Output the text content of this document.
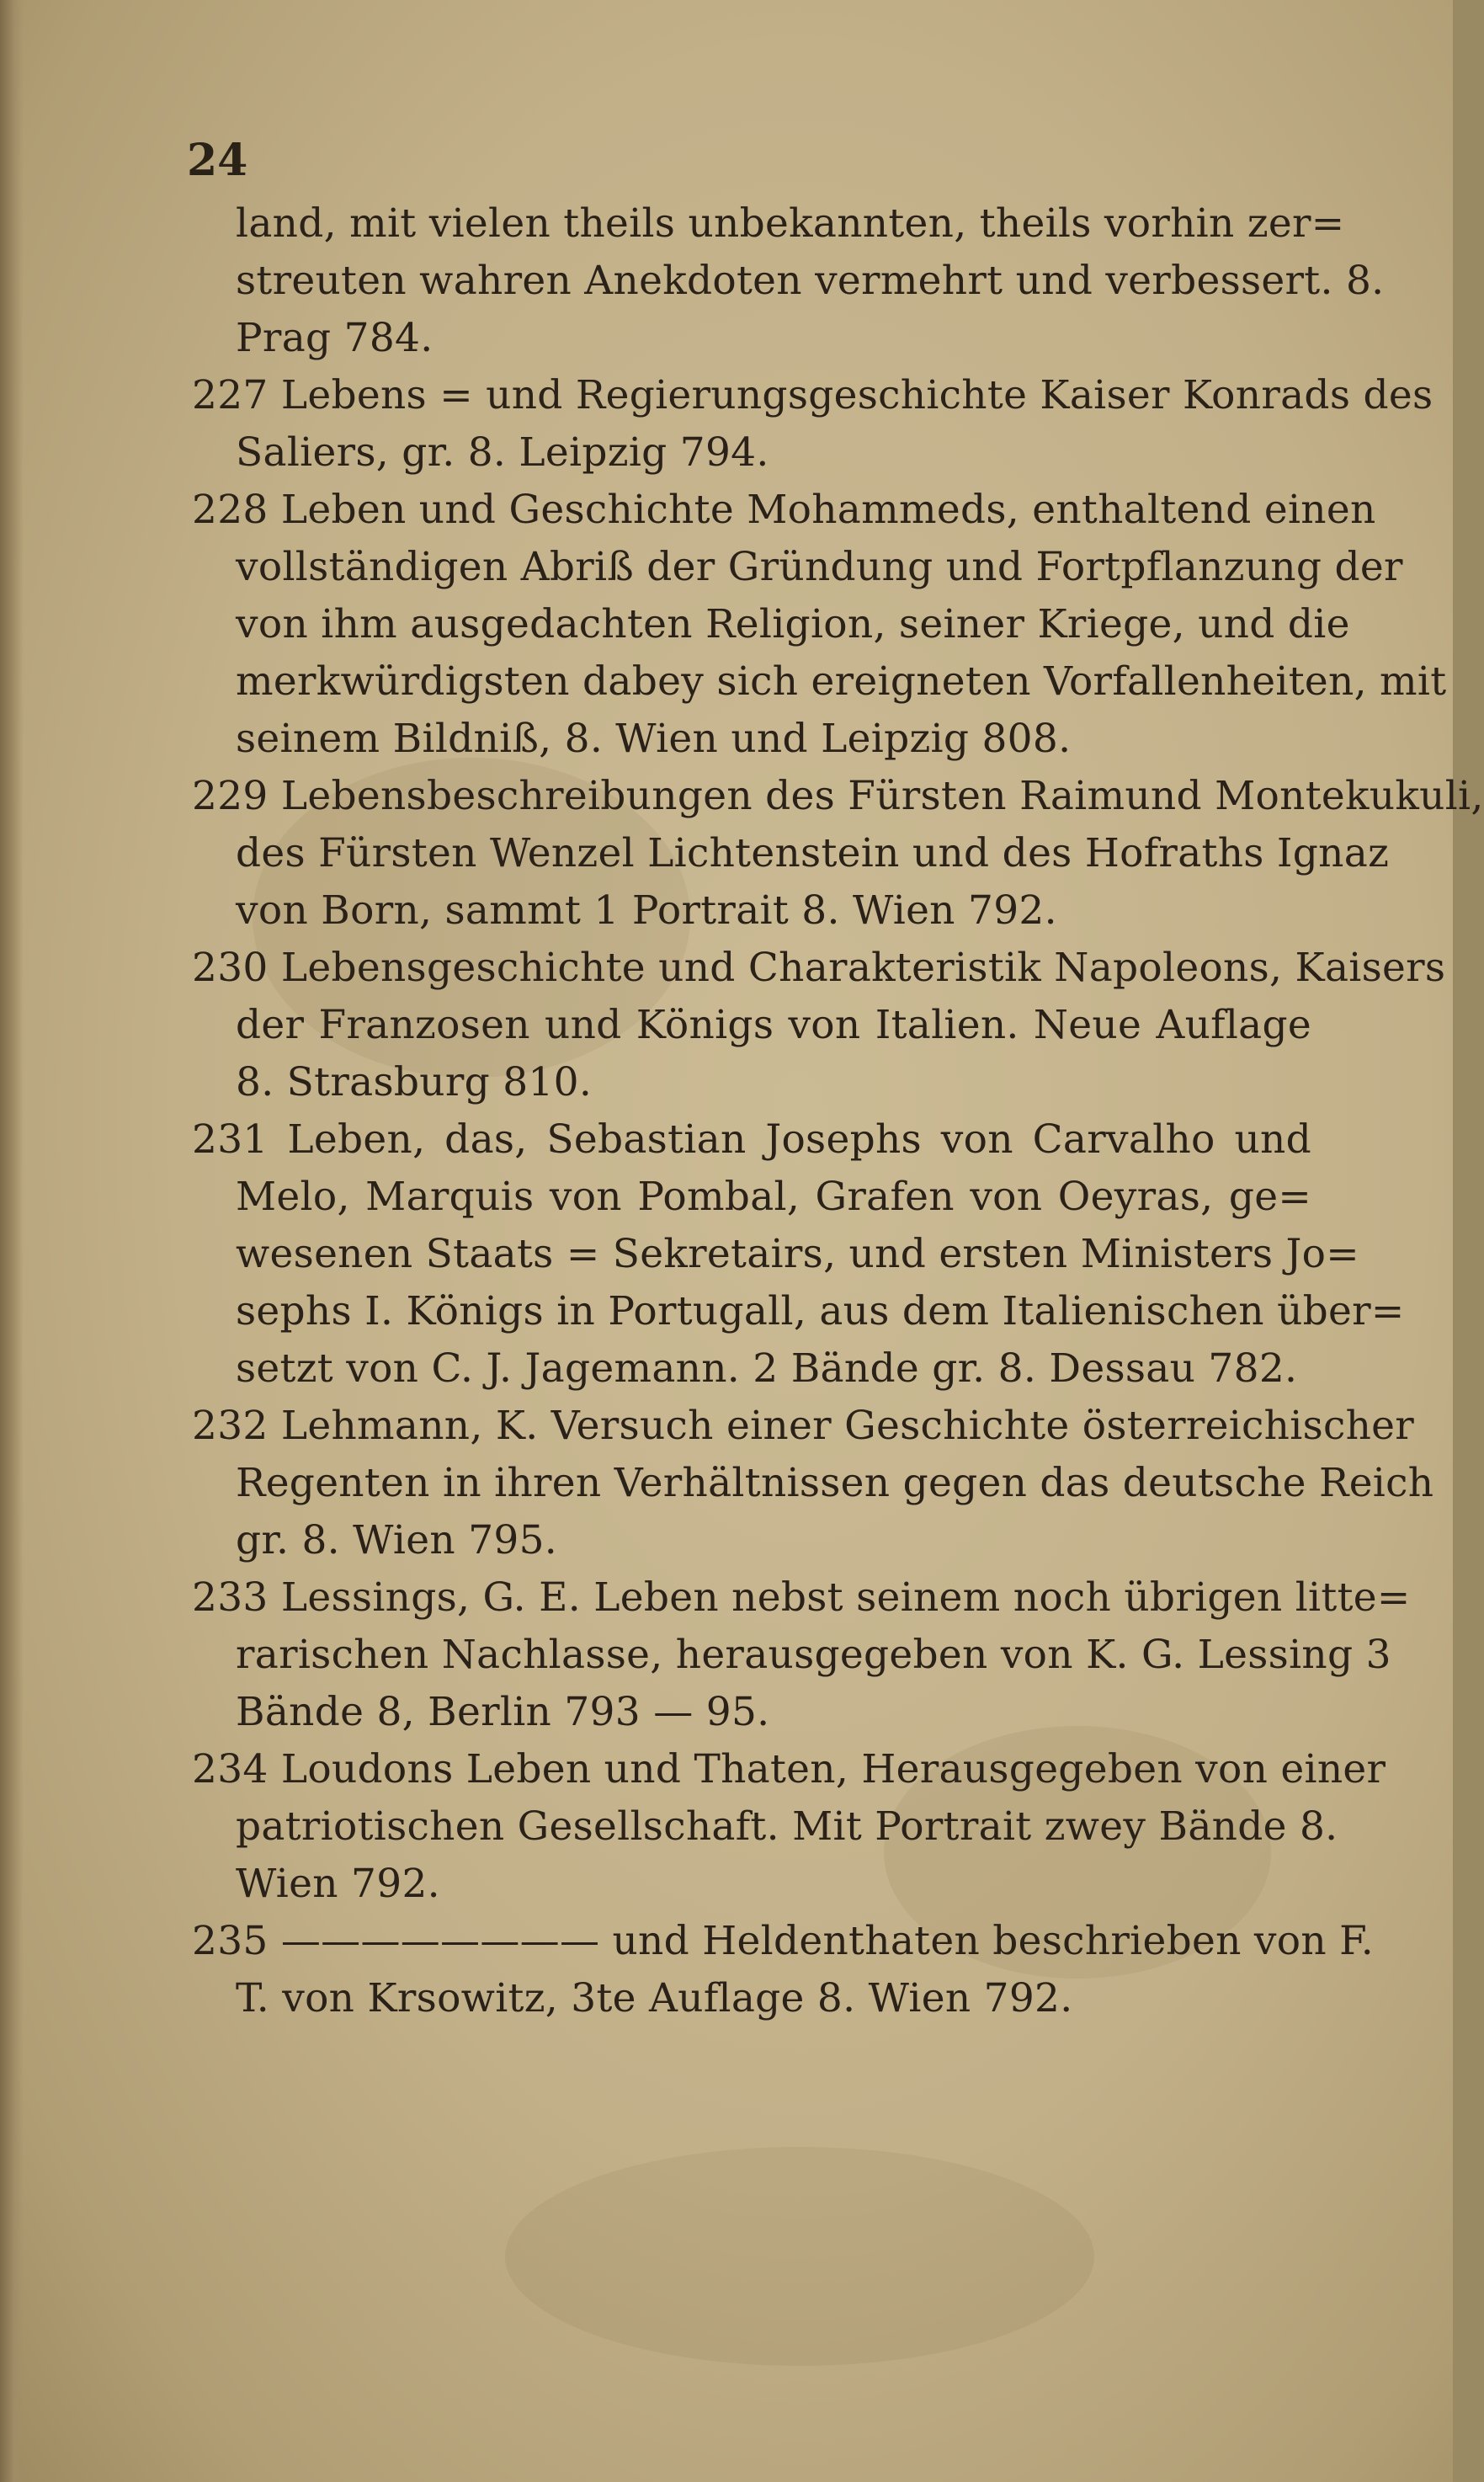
24
land, mit vielen theils unbekannten, theils vorhin zer=
streuten wahren Anekdoten vermehrt und verbessert. 8.
Prag 784.
227 Lebens = und Regierungsgeschichte Kaiser Konrads des
Saliers, gr. 8. Leipzig 794.
228 Leben und Geschichte Mohammeds, enthaltend einen
vollständigen Abriß der Gründung und Fortpflanzung der
von ihm ausgedachten Religion, seiner Kriege, und die
merkwürdigsten dabey sich ereigneten Vorfallenheiten, mit
seinem Bildniß, 8. Wien und Leipzig 808.
229 Lebensbeschreibungen des Fürsten Raimund Montekukuli,
des Fürsten Wenzel Lichtenstein und des Hofraths Ignaz
von Born, sammt 1 Portrait 8. Wien 792.
230 Lebensgeschichte und Charakteristik Napoleons, Kaisers
der Franzosen und Königs von Italien. Neue Auflage
8. Strasburg 810.
231 Leben, das, Sebastian Josephs von Carvalho und
Melo, Marquis von Pombal, Grafen von Oeyras, ge=
wesenen Staats = Sekretairs, und ersten Ministers Jo=
sephs I. Königs in Portugall, aus dem Italienischen über=
setzt von C. J. Jagemann. 2 Bände gr. 8. Dessau 782.
232 Lehmann, K. Versuch einer Geschichte österreichischer
Regenten in ihren Verhältnissen gegen das deutsche Reich
gr. 8. Wien 795.
233 Lessings, G. E. Leben nebst seinem noch übrigen litte=
rarischen Nachlasse, herausgegeben von K. G. Lessing 3
Bände 8, Berlin 793 — 95.
234 Loudons Leben und Thaten, Herausgegeben von einer
patriotischen Gesellschaft. Mit Portrait zwey Bände 8.
Wien 792.
235 ———————— und Heldenthaten beschrieben von F.
T. von Krsowitz, 3te Auflage 8. Wien 792.
